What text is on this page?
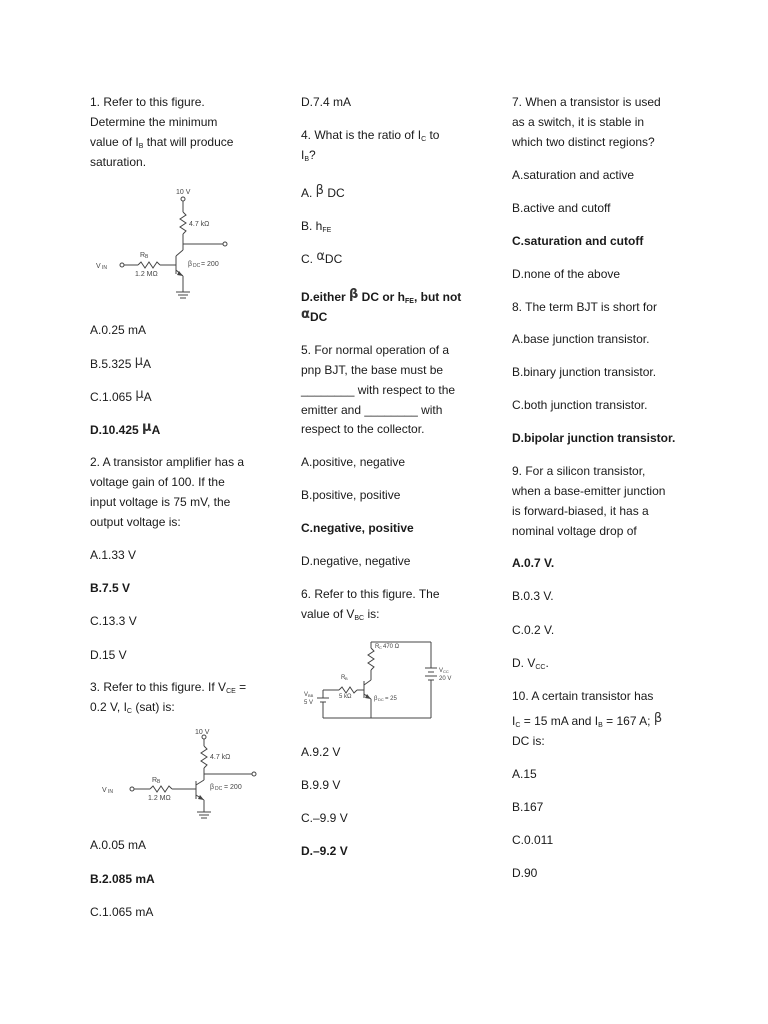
1. Refer to this figure.

Determine the minimum

value of $I_B$ that will produce

saturation.

10 V
4.7 kΩ
V IN
R B
1.2 MΩ
β DC = 200

A.0.25 mA

B.5.325 μA

C.1.065 μA

D.10.425 μA

2. A transistor amplifier has a

voltage gain of 100. If the

input voltage is 75 mV, the

output voltage is:

A.1.33 V

B.7.5 V

C.13.3 V

D.15 V

3. Refer to this figure. If $V_{CE}$ =

0.2 V, $I_C$ (sat) is:

10 V
4.7 kΩ
V IN
R B
1.2 MΩ
β DC = 200

A.0.05 mA

B.2.085 mA

C.1.065 mA

D.7.4 mA

4. What is the ratio of $I_C$ to

$I_B$?

A. β DC

B. $h_{FE}$

C. αDC

D.either β DC or $h_{FE}$, but not

αDC

5. For normal operation of a

pnp BJT, the base must be

________ with respect to the

emitter and ________ with

respect to the collector.

A.positive, negative

B.positive, positive

C.negative, positive

D.negative, negative

6. Refer to this figure. The

value of $V_{BC}$ is:

R C 470 Ω
R B
5 kΩ
V BB
5 V
V CC
20 V
β DC = 25

A.9.2 V

B.9.9 V

C.–9.9 V

D.–9.2 V

7. When a transistor is used

as a switch, it is stable in

which two distinct regions?

A.saturation and active

B.active and cutoff

C.saturation and cutoff

D.none of the above

8. The term BJT is short for

A.base junction transistor.

B.binary junction transistor.

C.both junction transistor.

D.bipolar junction transistor.

9. For a silicon transistor,

when a base-emitter junction

is forward-biased, it has a

nominal voltage drop of

A.0.7 V.

B.0.3 V.

C.0.2 V.

D. $V_{CC}$.

10. A certain transistor has

$I_C = 15$ mA and $I_B = 167$ A; β

DC is:

A.15

B.167

C.0.011

D.90
